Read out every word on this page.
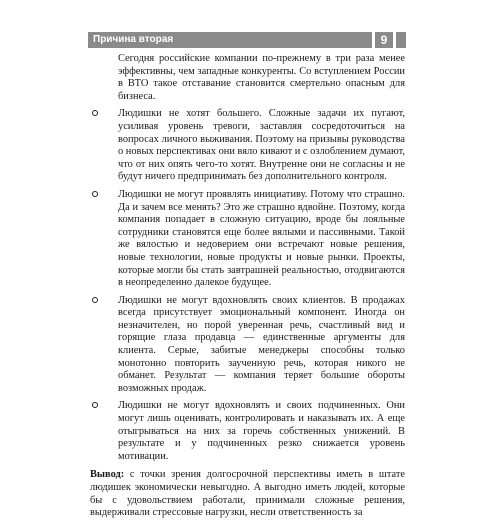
Причина вторая	9

Сегодня российские компании по-прежнему в три раза менее эффективны, чем западные конкуренты. Со вступлением России в ВТО такое отставание становится смертельно опасным для бизнеса.

Людишки не хотят большего. Сложные задачи их пугают, усиливая уровень тревоги, заставляя сосредоточиться на вопросах личного выживания. Поэтому на призывы руководства о новых перспективах они вяло кивают и с озлоблением думают, что от них опять чего-то хотят. Внутренне они не согласны и не будут ничего предпринимать без дополнительного контроля.
Людишки не могут проявлять инициативу. Потому что страшно. Да и зачем все менять? Это же страшно вдвойне. Поэтому, когда компания попадает в сложную ситуацию, вроде бы лояльные сотрудники становятся еще более вялыми и пассивными. Такой же вялостью и недоверием они встречают новые решения, новые технологии, новые продукты и новые рынки. Проекты, которые могли бы стать завтрашней реальностью, отодвигаются в неопределенно далекое будущее.
Людишки не могут вдохновлять своих клиентов. В продажах всегда присутствует эмоциональный компонент. Иногда он незначителен, но порой уверенная речь, счастливый вид и горящие глаза продавца — единственные аргументы для клиента. Серые, забитые менеджеры способны только монотонно повторить заученную речь, которая никого не обманет. Результат — компания теряет большие обороты возможных продаж.
Людишки не могут вдохновлять и своих подчиненных. Они могут лишь оценивать, контролировать и наказывать их. А еще отыгрываться на них за горечь собственных унижений. В результате и у подчиненных резко снижается уровень мотивации.

Вывод: с точки зрения долгосрочной перспективы иметь в штате людишек экономически невыгодно. А выгодно иметь людей, которые бы с удовольствием работали, принимали сложные решения, выдерживали стрессовые нагрузки, несли ответственность за
